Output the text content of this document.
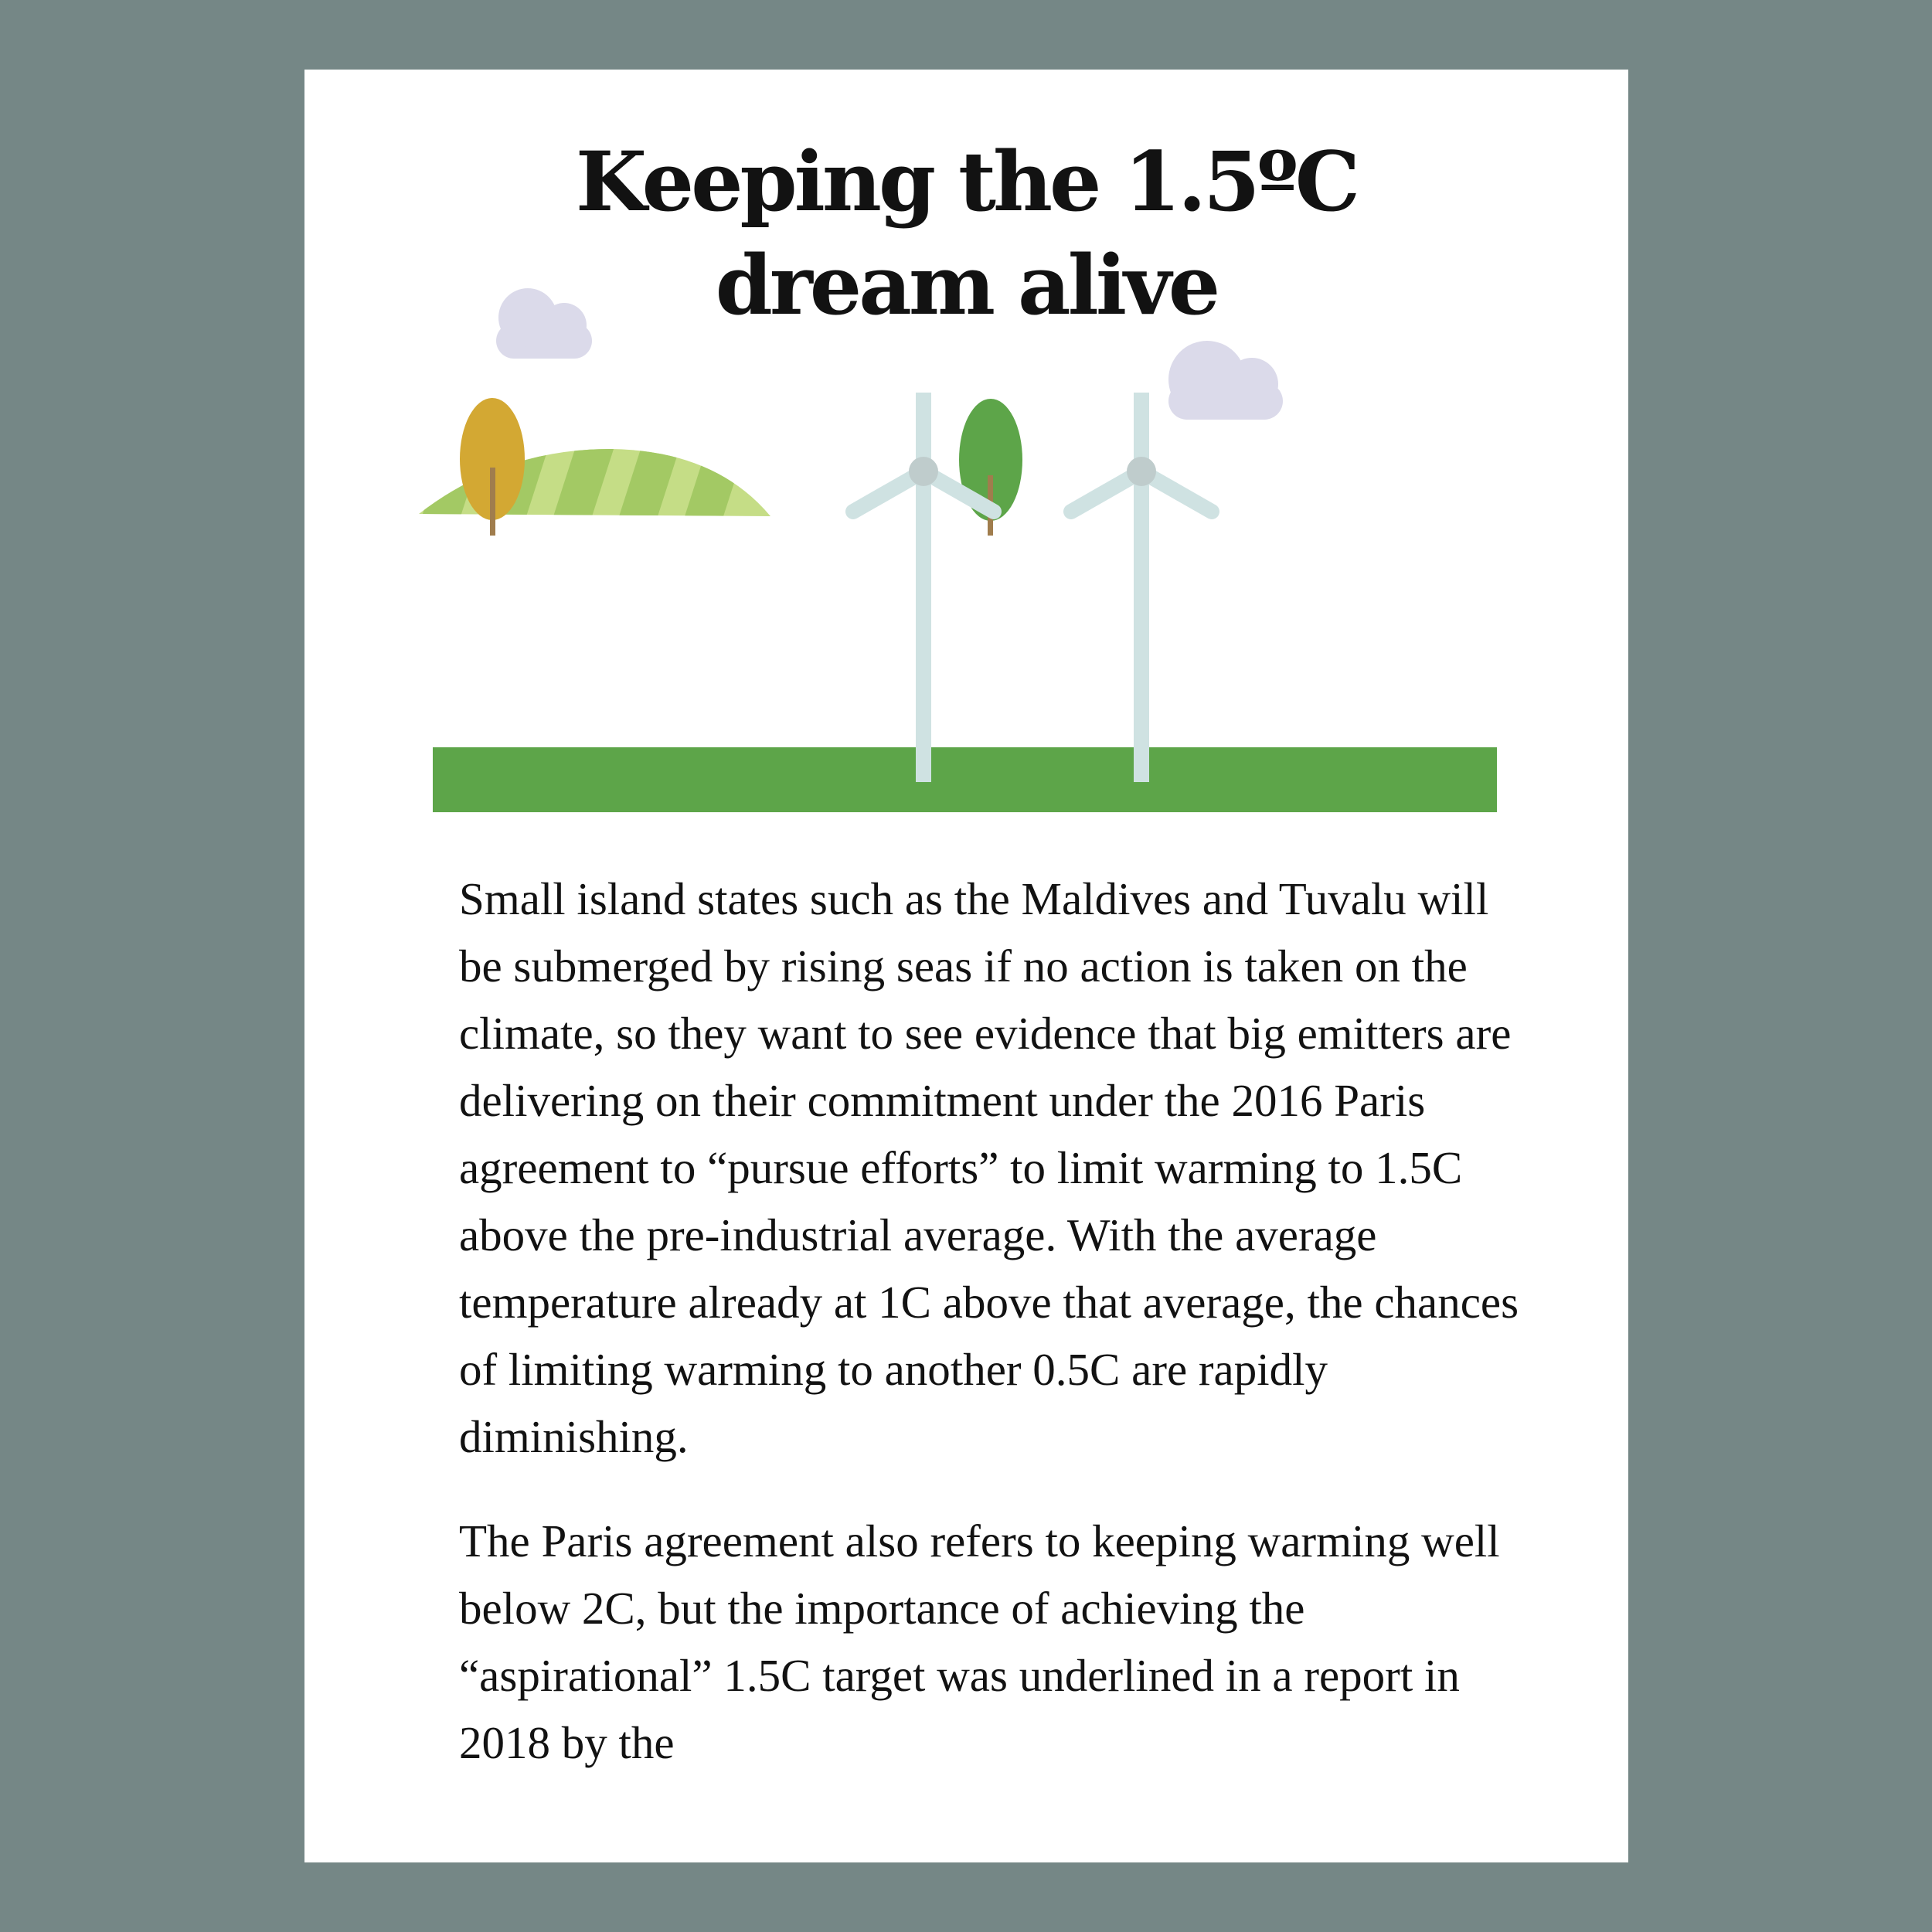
Keeping the 1.5ºC
dream alive

Small island states such as the Maldives and Tuvalu will be submerged by rising seas if no action is taken on the climate, so they want to see evidence that big emitters are delivering on their commitment under the 2016 Paris agreement to “pursue efforts” to limit warming to 1.5C above the pre-industrial average. With the average temperature already at 1C above that average, the chances of limiting warming to another 0.5C are rapidly diminishing.

The Paris agreement also refers to keeping warming well below 2C, but the importance of achieving the “aspirational” 1.5C target was underlined in a report in 2018 by the
